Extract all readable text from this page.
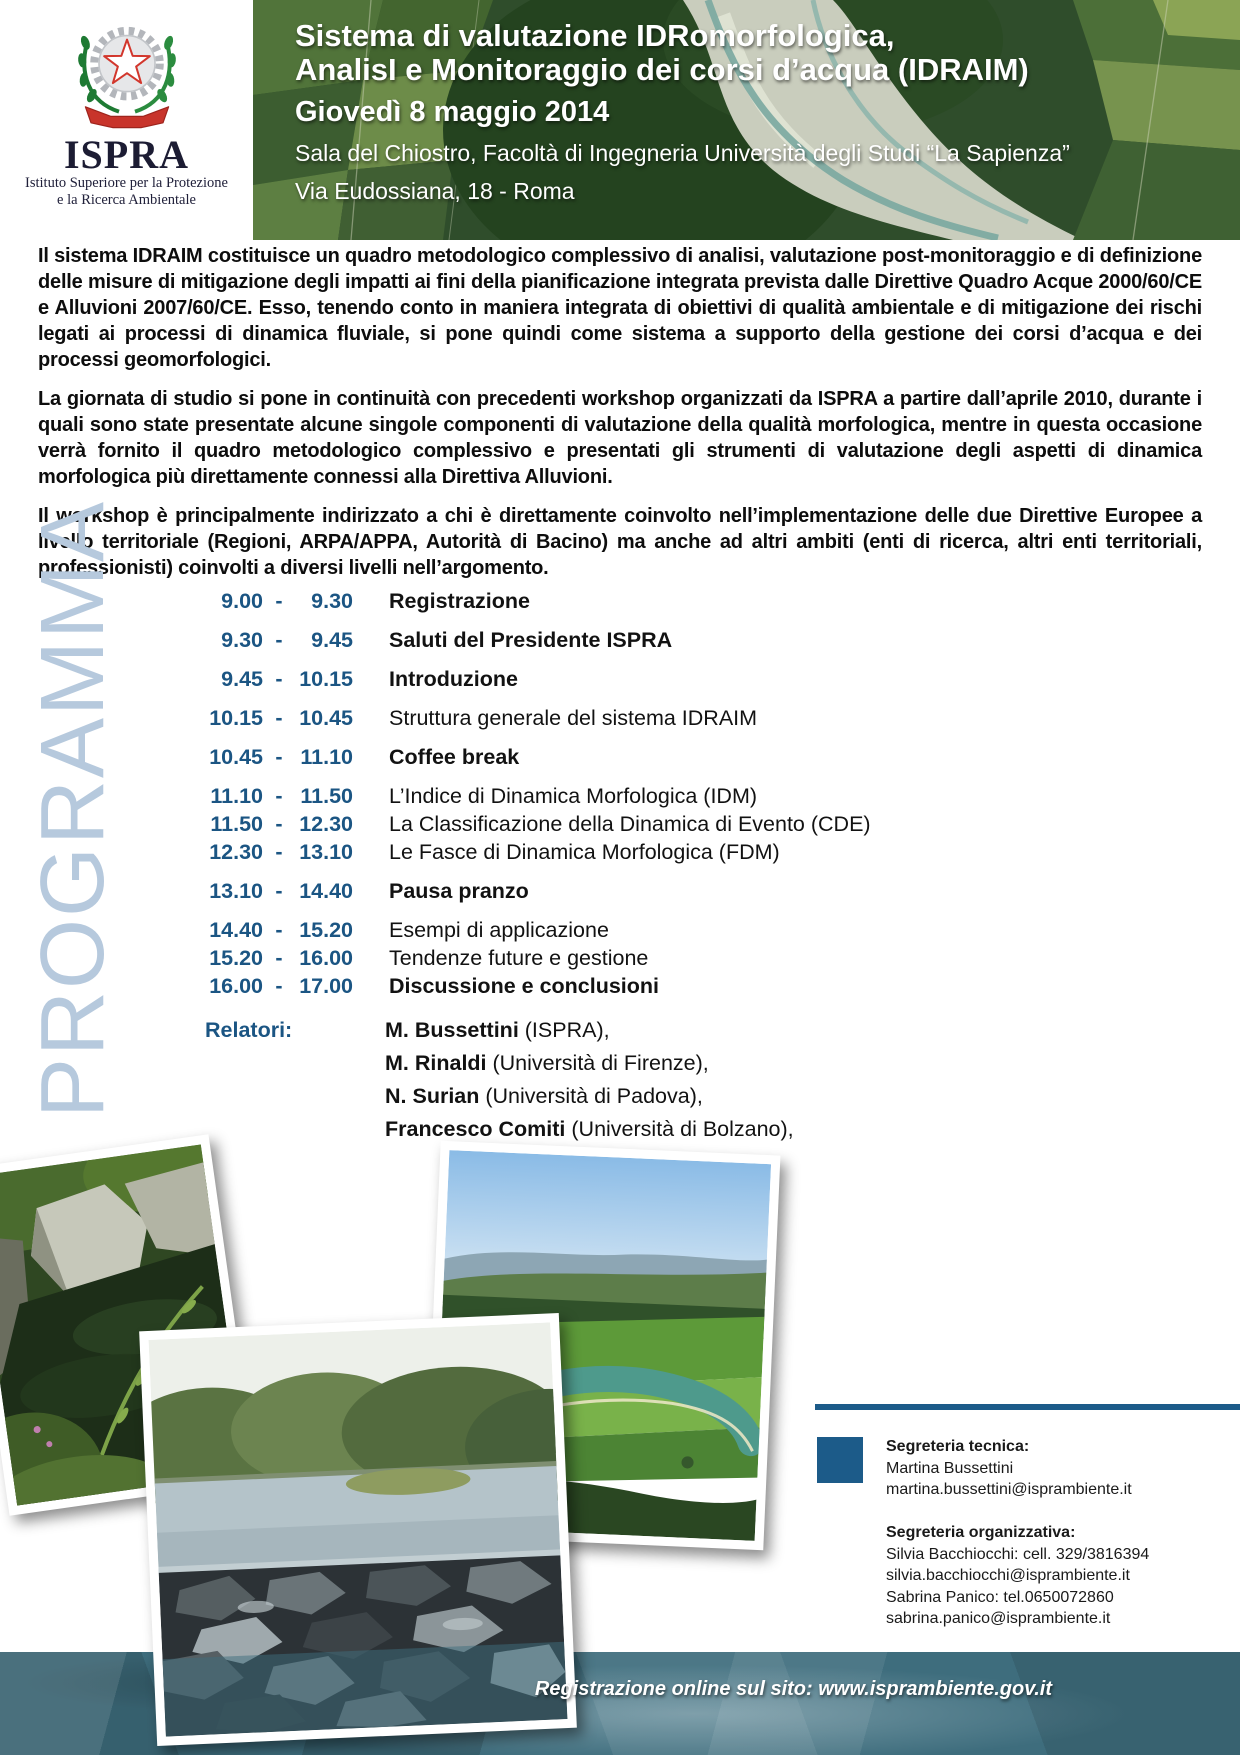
ISPRA
Istituto Superiore per la Protezione
e la Ricerca Ambientale
Sistema di valutazione IDRomorfologica,
AnalisI e Monitoraggio dei corsi d’acqua (IDRAIM)
Giovedì 8 maggio 2014
Sala del Chiostro, Facoltà di Ingegneria Università degli Studi “La Sapienza”
Via Eudossiana, 18 - Roma

Il sistema IDRAIM costituisce un quadro metodologico complessivo di analisi, valutazione post-monitoraggio e di definizione delle misure di mitigazione degli impatti ai fini della pianificazione integrata prevista dalle Direttive Quadro Acque 2000/60/CE e Alluvioni 2007/60/CE. Esso, tenendo conto in maniera integrata di obiettivi di qualità ambientale e di mitigazione dei rischi legati ai processi di dinamica fluviale, si pone quindi come sistema a supporto della gestione dei corsi d’acqua e dei processi geomorfologici.

La giornata di studio si pone in continuità con precedenti workshop organizzati da ISPRA a partire dall’aprile 2010, durante i quali sono state presentate alcune singole componenti di valutazione della qualità morfologica, mentre in questa occasione verrà fornito il quadro metodologico complessivo e presentati gli strumenti di valutazione degli aspetti di dinamica morfologica più direttamente connessi alla Direttiva Alluvioni.

Il workshop è principalmente indirizzato a chi è direttamente coinvolto nell’implementazione delle due Direttive Europee a livello territoriale (Regioni, ARPA/APPA, Autorità di Bacino) ma anche ad altri ambiti (enti di ricerca, altri enti territoriali, professionisti) coinvolti a diversi livelli nell’argomento.

PROGRAMMA	9.00 -	9.30 Registrazione
9.30 -	9.45 Saluti del Presidente ISPRA
9.45 - 10.15 Introduzione
10.15 - 10.45 Struttura generale del sistema IDRAIM
10.45 - 11.10 Coffee break
11.10 - 11.50 L’Indice di Dinamica Morfologica (IDM)
11.50 - 12.30 La Classificazione della Dinamica di Evento (CDE)
12.30 - 13.10 Le Fasce di Dinamica Morfologica (FDM)
13.10 - 14.40 Pausa pranzo
14.40 - 15.20 Esempi di applicazione
15.20 - 16.00 Tendenze future e gestione
16.00 - 17.00 Discussione e conclusioni
Relatori:	M. Bussettini (ISPRA),
M. Rinaldi (Università di Firenze),
N. Surian (Università di Padova),
Francesco Comiti (Università di Bolzano),
Segreteria tecnica:
Martina Bussettini
martina.bussettini@isprambiente.it
Segreteria organizzativa:
Silvia Bacchiocchi: cell. 329/3816394
silvia.bacchiocchi@isprambiente.it
Sabrina Panico: tel.0650072860
sabrina.panico@isprambiente.it
Registrazione online sul sito: www.isprambiente.gov.it
